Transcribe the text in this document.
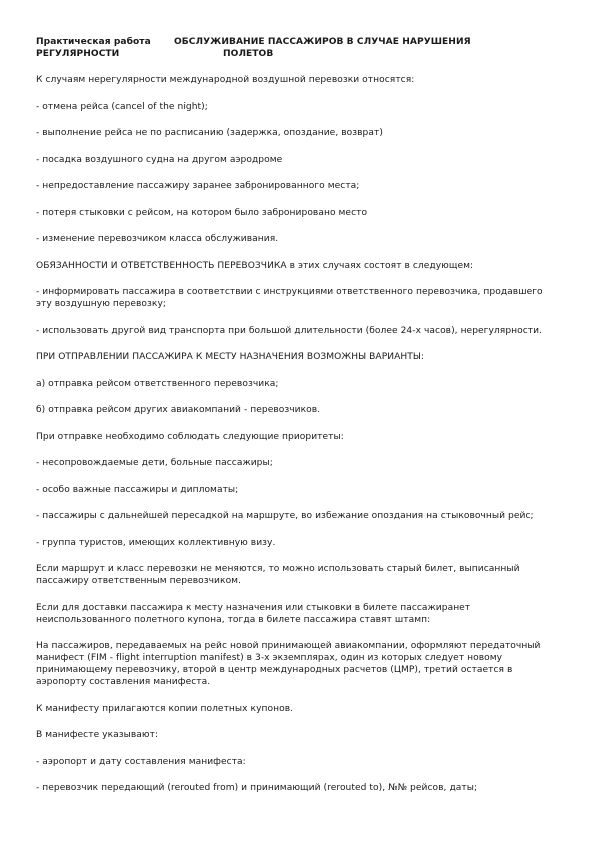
Практическая работа	ОБСЛУЖИВАНИЕ ПАССАЖИРОВ В СЛУЧАЕ НАРУШЕНИЯ
РЕГУЛЯРНОСТИ	ПОЛЕТОВ

К случаям нерегулярности международной воздушной перевозки относятся:

- отмена рейса (cancel of the night);

- выполнение рейса не по расписанию (задержка, опоздание, возврат)

- посадка воздушного судна на другом аэродроме

- непредоставление пассажиру заранее забронированного места;

- потеря стыковки с рейсом, на котором было забронировано место

- изменение перевозчиком класса обслуживания.

ОБЯЗАННОСТИ И ОТВЕТСТВЕННОСТЬ ПЕРЕВОЗЧИКА в этих случаях состоят в следующем:

- информировать пассажира в соответствии с инструкциями ответственного перевозчика, продавшего эту воздушную перевозку;

- использовать другой вид транспорта при большой длительности (более 24-х часов), нерегулярности.

ПРИ ОТПРАВЛЕНИИ ПАССАЖИРА К МЕСТУ НАЗНАЧЕНИЯ ВОЗМОЖНЫ ВАРИАНТЫ:

а) отправка рейсом ответственного перевозчика;

б) отправка рейсом других авиакомпаний - перевозчиков.

При отправке необходимо соблюдать следующие приоритеты:

- несопровождаемые дети, больные пассажиры;

- особо важные пассажиры и дипломаты;

- пассажиры с дальнейшей пересадкой на маршруте, во избежание опоздания на стыковочный рейс;

- группа туристов, имеющих коллективную визу.

Если маршрут и класс перевозки не меняются, то можно использовать старый билет, выписанный пассажиру ответственным перевозчиком.

Если для доставки пассажира к месту назначения или стыковки в билете пассажиранет неиспользованного полетного купона, тогда в билете пассажира ставят штамп:

На пассажиров, передаваемых на рейс новой принимающей авиакомпании, оформляют передаточный манифест (FIM - flight interruption manifest) в 3-х экземплярах, один из которых следует новому принимающему перевозчику, второй в центр международных расчетов (ЦМР), третий остается в аэропорту составления манифеста.

К манифесту прилагаются копии полетных купонов.

В манифесте указывают:

- аэропорт и дату составления манифеста:

- перевозчик передающий (rerouted from) и принимающий (rerouted to), №№ рейсов, даты;
